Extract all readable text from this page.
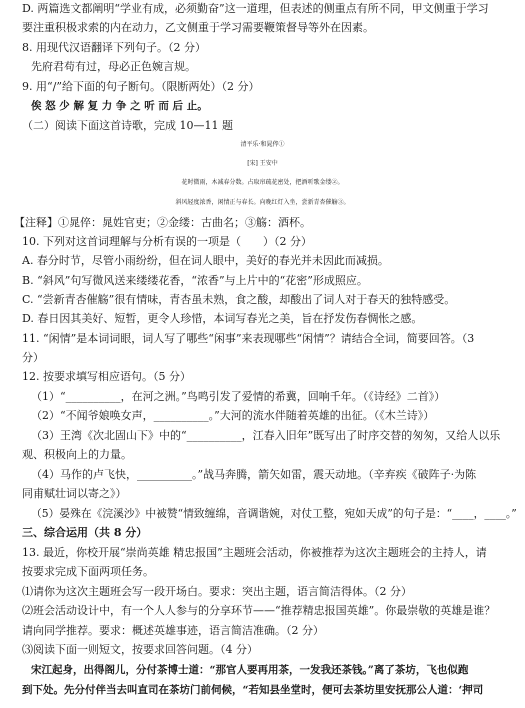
D. 两篇选文都阐明“学业有成，必须勤奋”这一道理，但表述的侧重点有所不同，甲文侧重于学习
要注重积极求索的内在动力，乙文侧重于学习需要鞭策督导等外在因素。
8. 用现代汉语翻译下列句子。（2 分）
先府君苟有过，母必正色婉言规。
9. 用“/”给下面的句子断句。（限断两处）（2 分）
俟 怒 少 解 复 力 争 之 听 而 后 止。
（二）阅读下面这首诗歌，完成 10—11 题
清平乐·和晁倅①
[宋] 王安中
花时微雨，木减春分数。占取帘疏花密处，把酒听歌金缕②。
斜风轻度浓香，闲情正与春长。向晚红灯入坐，尝新青杏催觞③。
【注释】①晁倅：晁姓官吏；②金缕：古曲名；③觞：酒杯。
10. 下列对这首词理解与分析有误的一项是（　　）（2 分）
A. 春分时节，尽管小雨纷纷，但在词人眼中，美好的春光并未因此而减损。
B. “斜风”句写微风送来缕缕花香，“浓香”与上片中的“花密”形成照应。
C. “尝新青杏催觞”很有情味，青杏虽未熟，食之酸，却酸出了词人对于春天的独特感受。
D. 春日因其美好、短暂，更令人珍惜，本词写春光之美，旨在抒发伤春惆怅之感。
11. “闲情”是本词词眼，词人写了哪些“闲事”来表现哪些“闲情”？请结合全词，简要回答。（3
分）
12. 按要求填写相应语句。（5 分）
（1）“__________，在河之洲。”鸟鸣引发了爱情的希冀，回响千年。（《诗经》二首》）
（2）“不闻爷娘唤女声，__________。”大河的流水伴随着英雄的出征。（《木兰诗》）
（3）王湾《次北固山下》中的“__________，江春入旧年”既写出了时序交替的匆匆，又给人以乐
观、积极向上的力量。
（4）马作的卢飞快，__________。”战马奔腾，箭矢如雷，震天动地。（辛弃疾《破阵子·为陈
同甫赋壮词以寄之》）
（5）晏殊在《浣溪沙》中被赞“情致缠绵，音调谐婉，对仗工整，宛如天成”的句子是：“____，____。”
三、综合运用（共 8 分）
13. 最近，你校开展“崇尚英雄 精忠报国”主题班会活动，你被推荐为这次主题班会的主持人，请
按要求完成下面两项任务。
⑴请你为这次主题班会写一段开场白。要求：突出主题，语言简洁得体。（2 分）
⑵班会活动设计中，有一个人人参与的分享环节——“推荐精忠报国英雄”。你最崇敬的英雄是谁？
请向同学推荐。要求：概述英雄事迹，语言简洁准确。（2 分）
⑶阅读下面一则短文，按要求回答问题。（4 分）
宋江起身，出得阁儿，分付茶博士道：“那官人要再用茶，一发我还茶钱。”离了茶坊，飞也似跑
到下处。先分付伴当去叫直司在茶坊门前伺候，“若知县坐堂时，便可去茶坊里安抚那公人道：‘押司
